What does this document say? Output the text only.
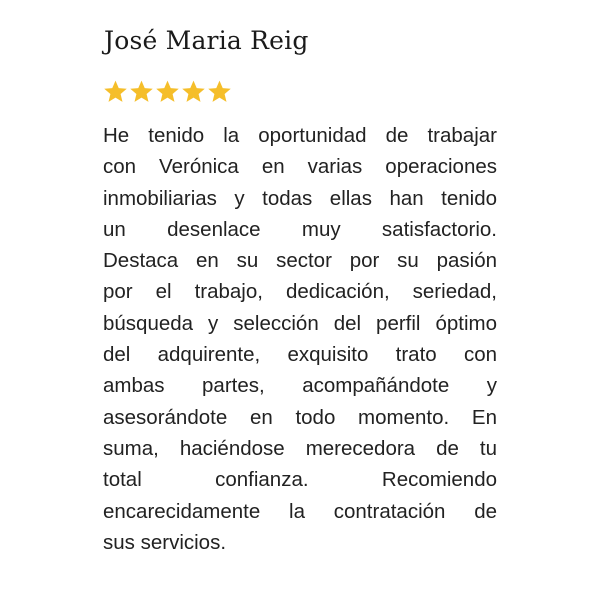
José Maria Reig
He tenido la oportunidad de trabajar
con Verónica en varias operaciones
inmobiliarias y todas ellas han tenido
un desenlace muy satisfactorio.
Destaca en su sector por su pasión
por el trabajo, dedicación, seriedad,
búsqueda y selección del perfil óptimo
del adquirente, exquisito trato con
ambas partes, acompañándote y
asesorándote en todo momento. En
suma, haciéndose merecedora de tu
total confianza. Recomiendo
encarecidamente la contratación de
sus servicios.
